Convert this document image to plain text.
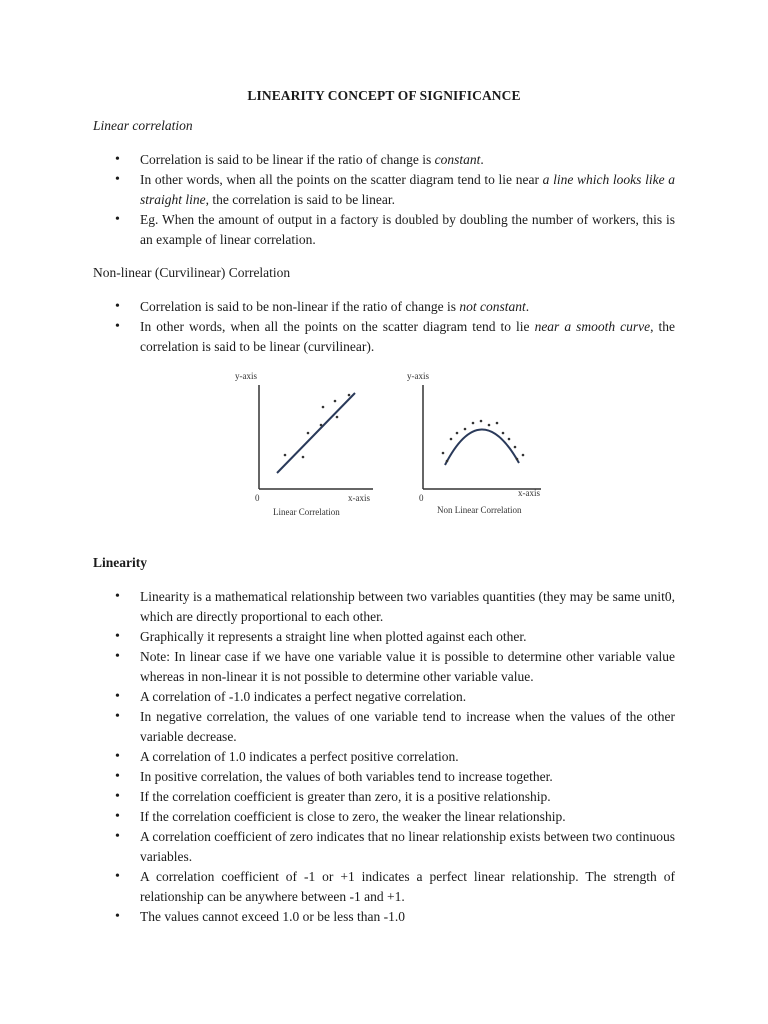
LINEARITY CONCEPT OF SIGNIFICANCE
Linear correlation
• Correlation is said to be linear if the ratio of change is constant.
• In other words, when all the points on the scatter diagram tend to lie near a line which looks like a straight line, the correlation is said to be linear.
• Eg. When the amount of output in a factory is doubled by doubling the number of workers, this is an example of linear correlation.
Non-linear (Curvilinear) Correlation
• Correlation is said to be non-linear if the ratio of change is not constant.
• In other words, when all the points on the scatter diagram tend to lie near a smooth curve, the correlation is said to be linear (curvilinear).
y-axis
0	x-axis
Linear Correlation
y-axis
0	x-axis
Non Linear Correlation
Linearity
• Linearity is a mathematical relationship between two variables quantities (they may be same unit0, which are directly proportional to each other.
• Graphically it represents a straight line when plotted against each other.
• Note: In linear case if we have one variable value it is possible to determine other variable value whereas in non-linear it is not possible to determine other variable value.
• A correlation of -1.0 indicates a perfect negative correlation.
• In negative correlation, the values of one variable tend to increase when the values of the other variable decrease.
• A correlation of 1.0 indicates a perfect positive correlation.
• In positive correlation, the values of both variables tend to increase together.
• If the correlation coefficient is greater than zero, it is a positive relationship.
• If the correlation coefficient is close to zero, the weaker the linear relationship.
• A correlation coefficient of zero indicates that no linear relationship exists between two continuous variables.
• A correlation coefficient of -1 or +1 indicates a perfect linear relationship. The strength of relationship can be anywhere between -1 and +1.
• The values cannot exceed 1.0 or be less than -1.0
